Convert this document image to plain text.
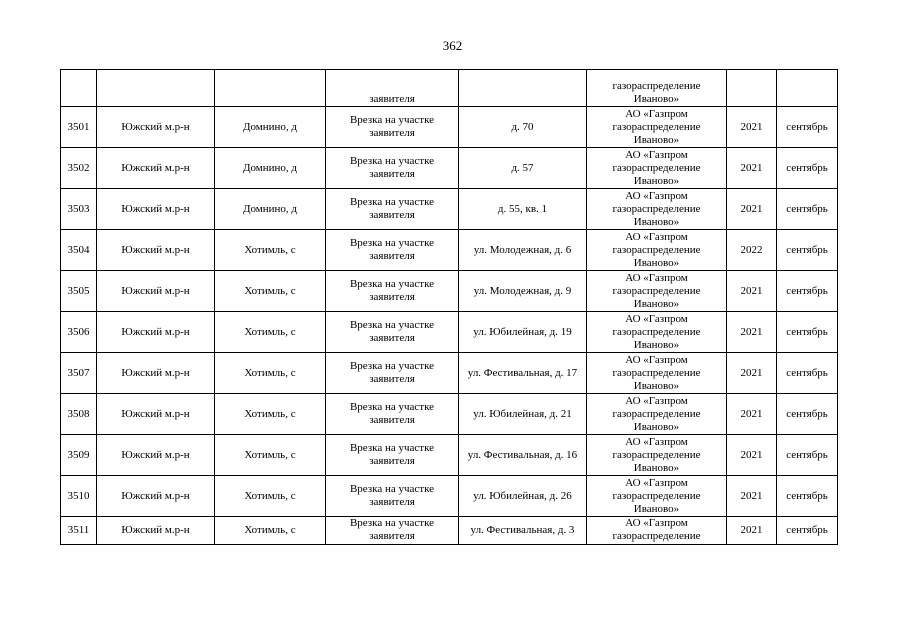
362
			заявителя		газораспределение
Иваново»		
3501	Южский м.р-н	Домнино, д	Врезка на участке
заявителя	д. 70	АО «Газпром
газораспределение
Иваново»	2021	сентябрь
3502	Южский м.р-н	Домнино, д	Врезка на участке
заявителя	д. 57	АО «Газпром
газораспределение
Иваново»	2021	сентябрь
3503	Южский м.р-н	Домнино, д	Врезка на участке
заявителя	д. 55, кв. 1	АО «Газпром
газораспределение
Иваново»	2021	сентябрь
3504	Южский м.р-н	Хотимль, с	Врезка на участке
заявителя	ул. Молодежная, д. 6	АО «Газпром
газораспределение
Иваново»	2022	сентябрь
3505	Южский м.р-н	Хотимль, с	Врезка на участке
заявителя	ул. Молодежная, д. 9	АО «Газпром
газораспределение
Иваново»	2021	сентябрь
3506	Южский м.р-н	Хотимль, с	Врезка на участке
заявителя	ул. Юбилейная, д. 19	АО «Газпром
газораспределение
Иваново»	2021	сентябрь
3507	Южский м.р-н	Хотимль, с	Врезка на участке
заявителя	ул. Фестивальная, д. 17	АО «Газпром
газораспределение
Иваново»	2021	сентябрь
3508	Южский м.р-н	Хотимль, с	Врезка на участке
заявителя	ул. Юбилейная, д. 21	АО «Газпром
газораспределение
Иваново»	2021	сентябрь
3509	Южский м.р-н	Хотимль, с	Врезка на участке
заявителя	ул. Фестивальная, д. 16	АО «Газпром
газораспределение
Иваново»	2021	сентябрь
3510	Южский м.р-н	Хотимль, с	Врезка на участке
заявителя	ул. Юбилейная, д. 26	АО «Газпром
газораспределение
Иваново»	2021	сентябрь
3511	Южский м.р-н	Хотимль, с	Врезка на участке
заявителя	ул. Фестивальная, д. 3	АО «Газпром
газораспределение	2021	сентябрь
